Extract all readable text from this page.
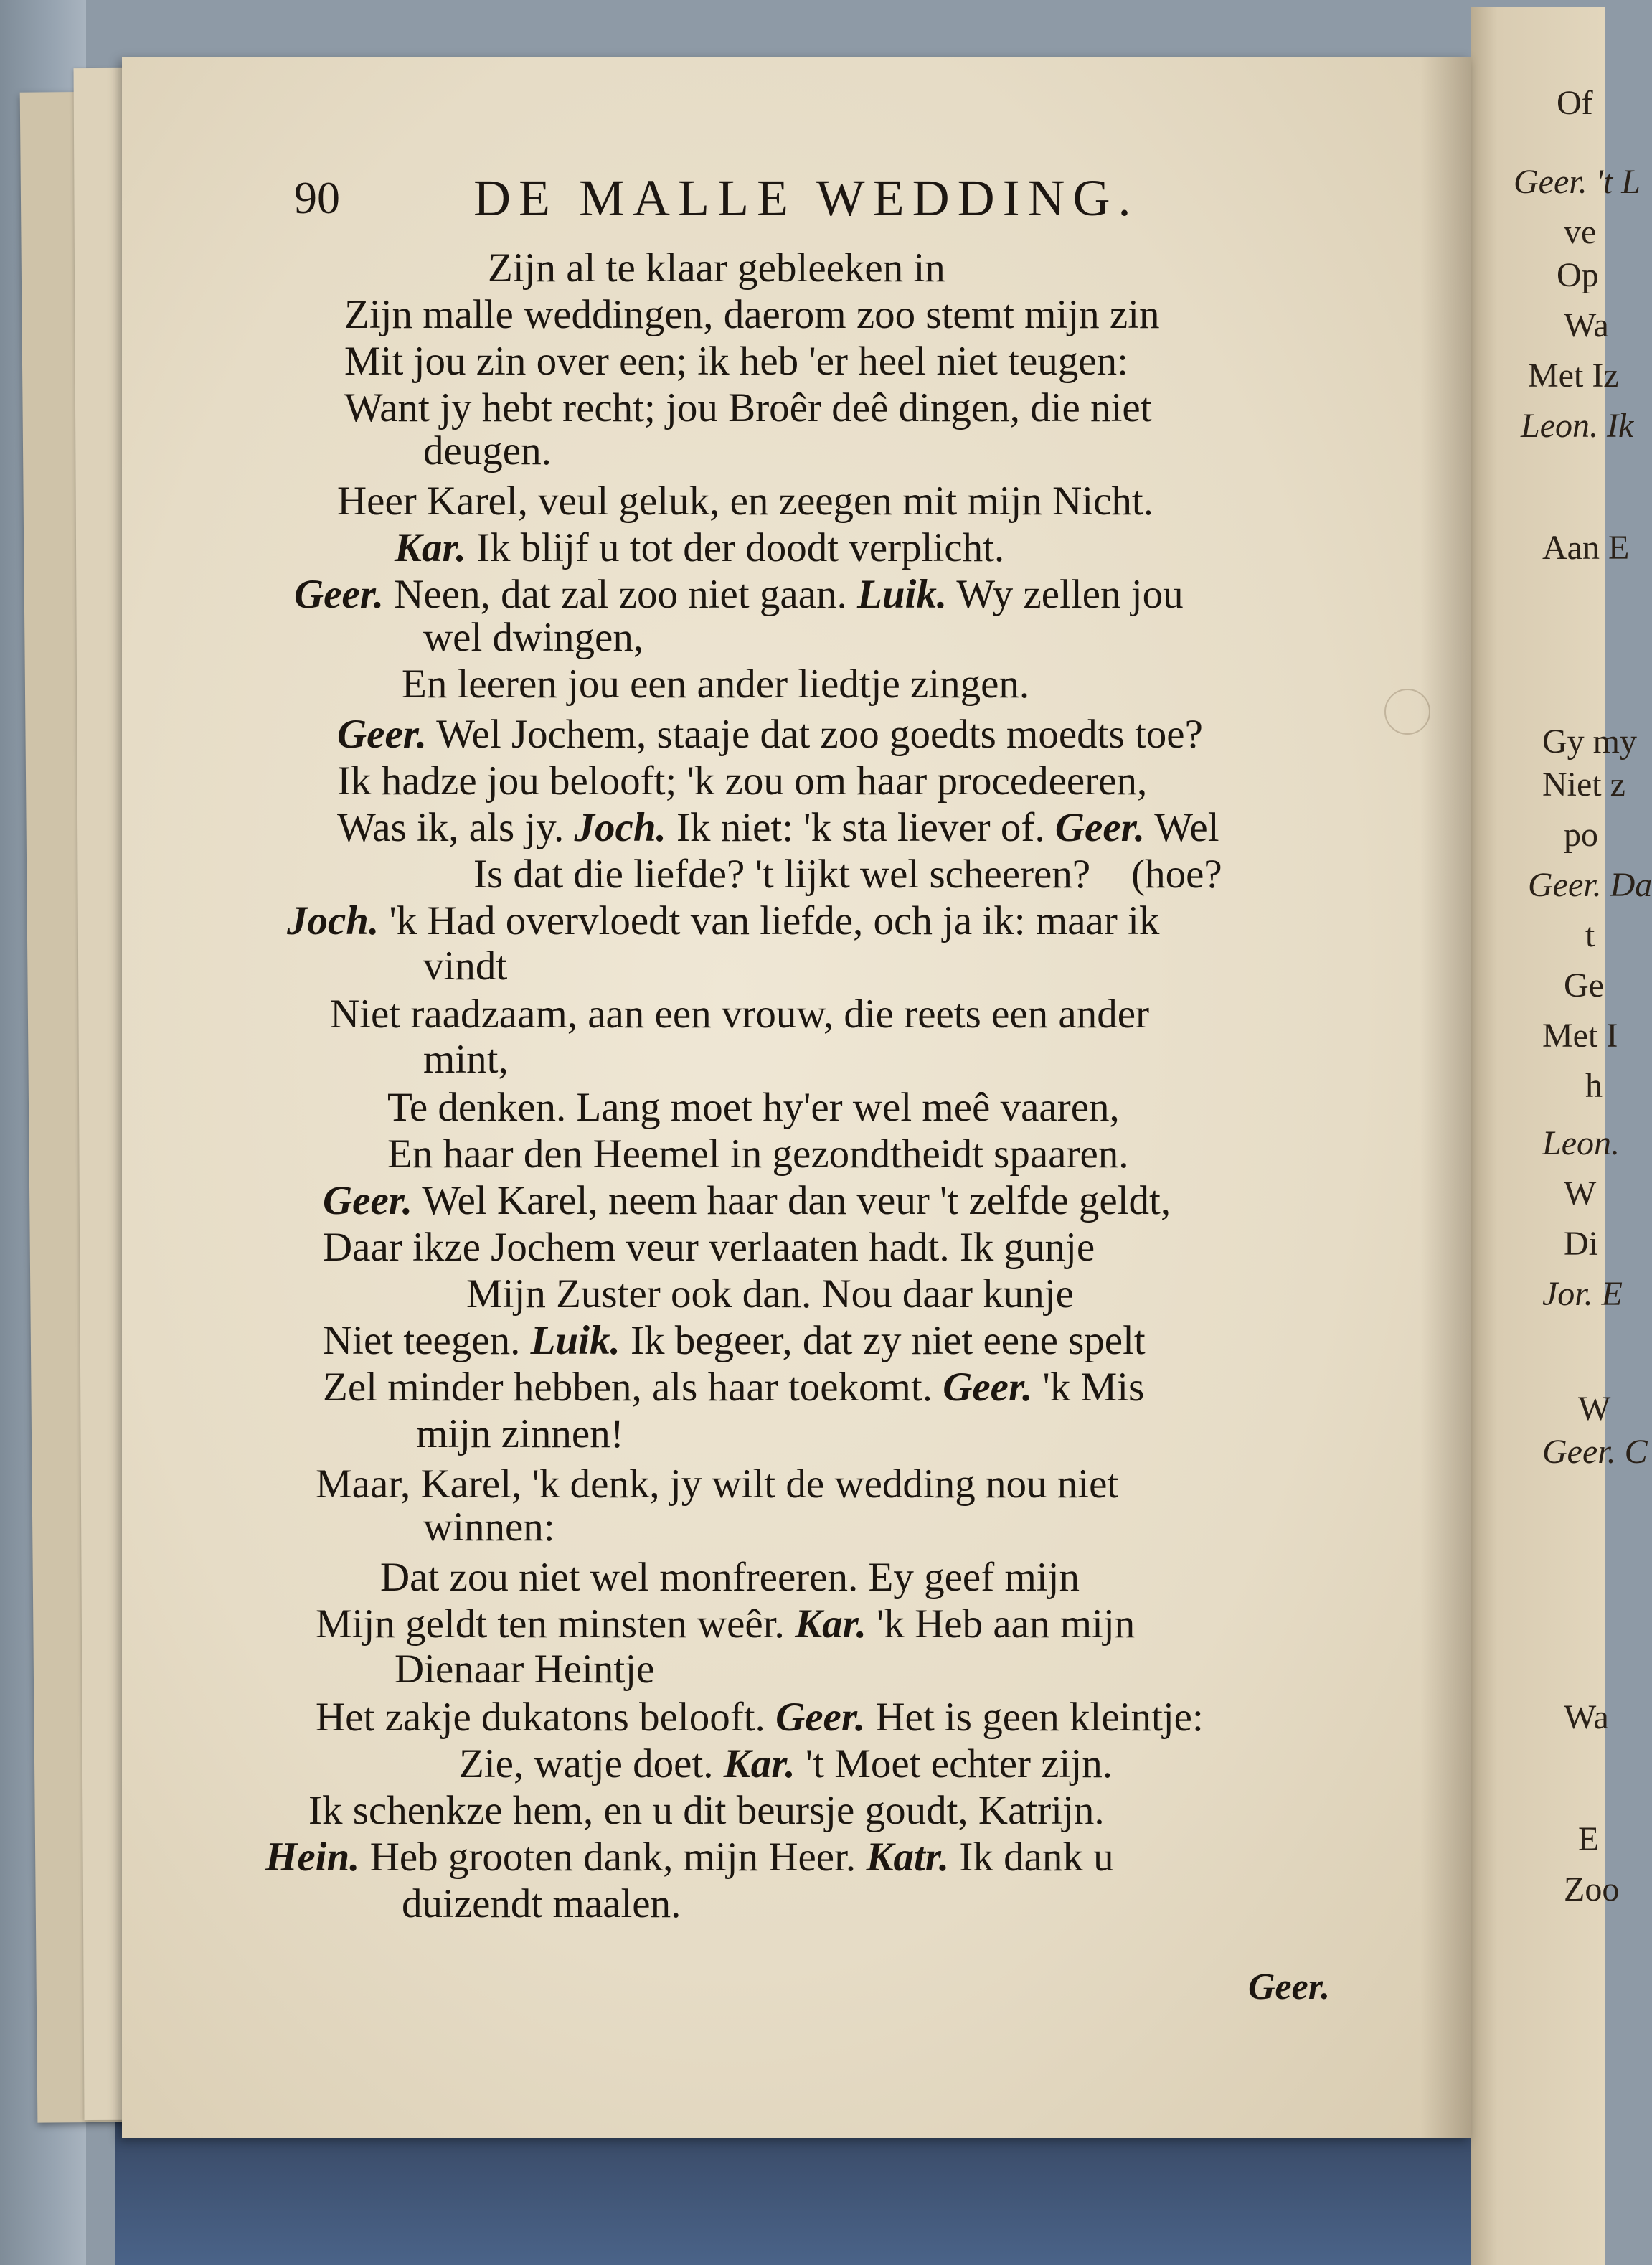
Of
Geer. 't L
ve
Op
Wa
Met Iz
Leon. Ik
Aan E
Gy my
Niet z
po
Geer. Da
t
Ge
Met I
h
Leon.
W
Di
Jor. E
W
Geer. C
Wa
E
Zoo
90	DE MALLE WEDDING.
Zijn al te klaar gebleeken in
Zijn malle weddingen, daerom zoo stemt mijn zin
Mit jou zin over een; ik heb 'er heel niet teugen:
Want jy hebt recht; jou Broêr deê dingen, die niet
deugen.
Heer Karel, veul geluk, en zeegen mit mijn Nicht.
Kar. Ik blijf u tot der doodt verplicht.
Geer. Neen, dat zal zoo niet gaan. Luik. Wy zellen jou
wel dwingen,
En leeren jou een ander liedtje zingen.
Geer. Wel Jochem, staaje dat zoo goedts moedts toe?
Ik hadze jou belooft; 'k zou om haar procedeeren,
Was ik, als jy. Joch. Ik niet: 'k sta liever of. Geer. Wel
Is dat die liefde? 't lijkt wel scheeren?    (hoe?
Joch. 'k Had overvloedt van liefde, och ja ik: maar ik
vindt
Niet raadzaam, aan een vrouw, die reets een ander
mint,
Te denken. Lang moet hy'er wel meê vaaren,
En haar den Heemel in gezondtheidt spaaren.
Geer. Wel Karel, neem haar dan veur 't zelfde geldt,
Daar ikze Jochem veur verlaaten hadt. Ik gunje
Mijn Zuster ook dan. Nou daar kunje
Niet teegen. Luik. Ik begeer, dat zy niet eene spelt
Zel minder hebben, als haar toekomt. Geer. 'k Mis
mijn zinnen!
Maar, Karel, 'k denk, jy wilt de wedding nou niet
winnen:
Dat zou niet wel monfreeren. Ey geef mijn
Mijn geldt ten minsten weêr. Kar. 'k Heb aan mijn
Dienaar Heintje
Het zakje dukatons belooft. Geer. Het is geen kleintje:
Zie, watje doet. Kar. 't Moet echter zijn.
Ik schenkze hem, en u dit beursje goudt, Katrijn.
Hein. Heb grooten dank, mijn Heer. Katr. Ik dank u
duizendt maalen.
Geer.
